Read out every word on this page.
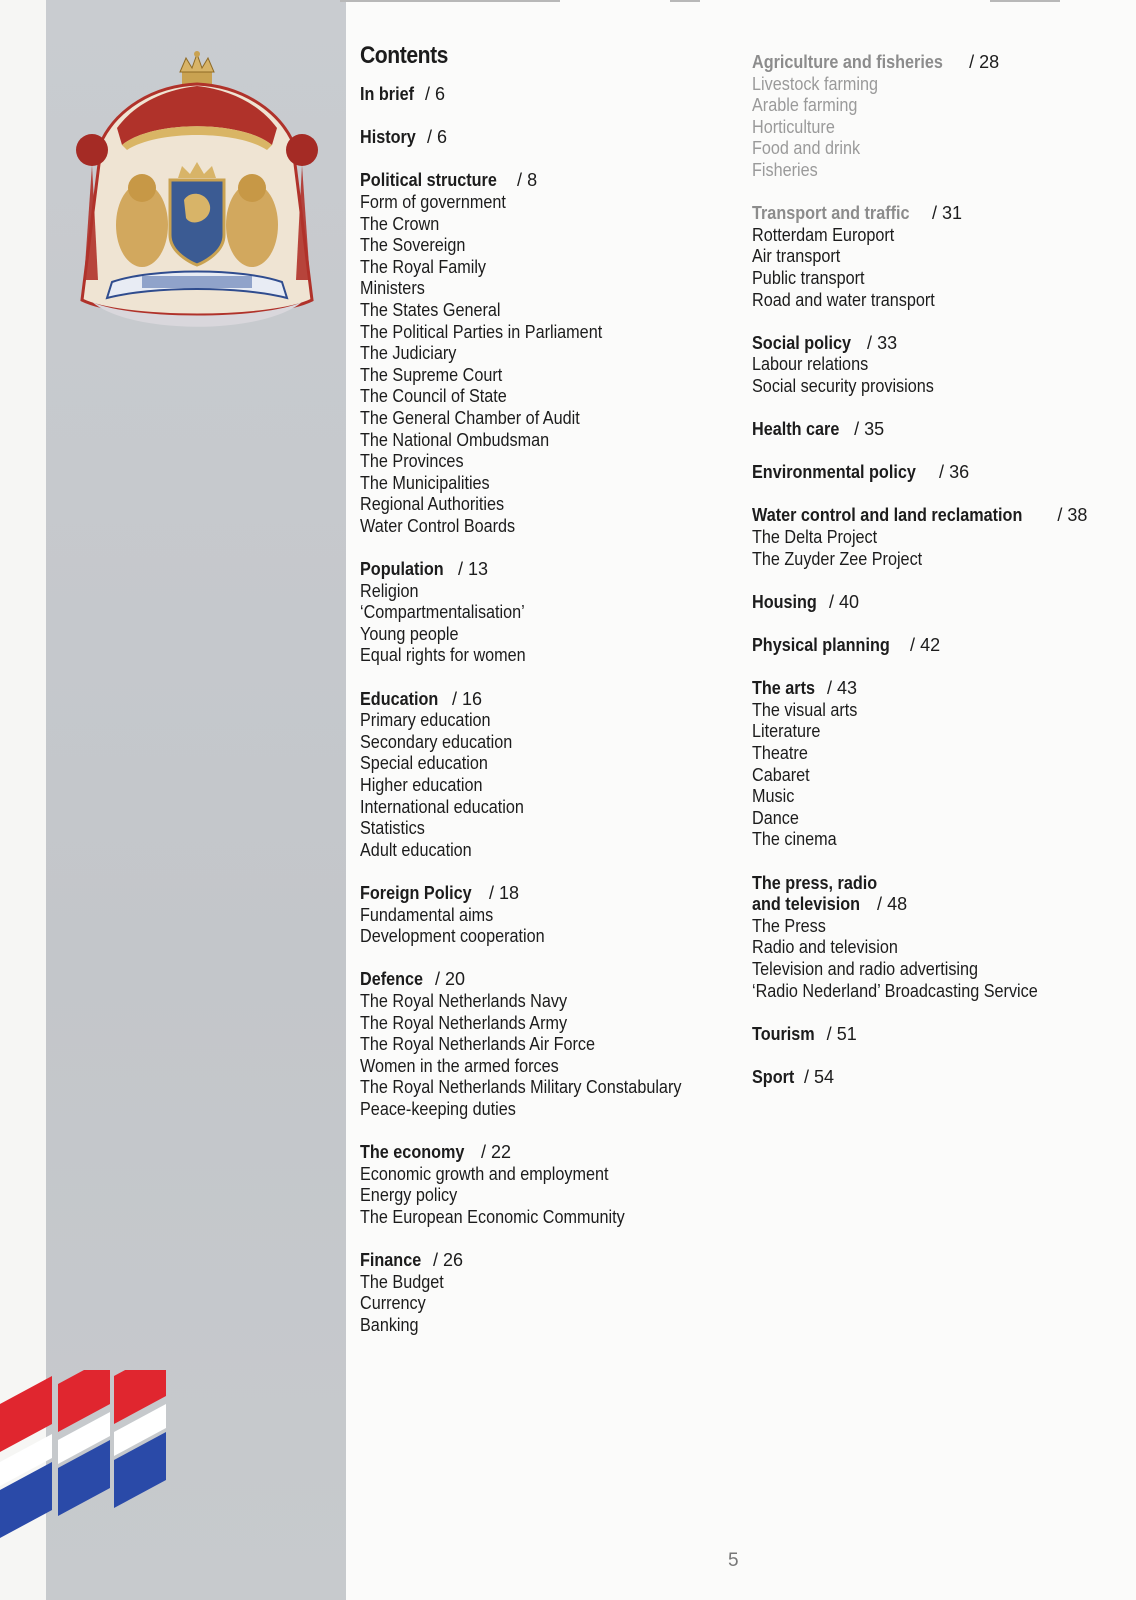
Contents
In brief / 6
History / 6
Political structure / 8
Form of government
The Crown
The Sovereign
The Royal Family
Ministers
The States General
The Political Parties in Parliament
The Judiciary
The Supreme Court
The Council of State
The General Chamber of Audit
The National Ombudsman
The Provinces
The Municipalities
Regional Authorities
Water Control Boards
Population / 13
Religion
‘Compartmentalisation’
Young people
Equal rights for women
Education / 16
Primary education
Secondary education
Special education
Higher education
International education
Statistics
Adult education
Foreign Policy / 18
Fundamental aims
Development cooperation
Defence / 20
The Royal Netherlands Navy
The Royal Netherlands Army
The Royal Netherlands Air Force
Women in the armed forces
The Royal Netherlands Military Constabulary
Peace-keeping duties
The economy / 22
Economic growth and employment
Energy policy
The European Economic Community
Finance / 26
The Budget
Currency
Banking
Agriculture and fisheries / 28
Livestock farming
Arable farming
Horticulture
Food and drink
Fisheries
Transport and traffic / 31
Rotterdam Europort
Air transport
Public transport
Road and water transport
Social policy / 33
Labour relations
Social security provisions
Health care / 35
Environmental policy / 36
Water control and land reclamation / 38
The Delta Project
The Zuyder Zee Project
Housing / 40
Physical planning / 42
The arts / 43
The visual arts
Literature
Theatre
Cabaret
Music
Dance
The cinema
The press, radio
and television / 48
The Press
Radio and television
Television and radio advertising
‘Radio Nederland’ Broadcasting Service
Tourism / 51
Sport / 54
5
